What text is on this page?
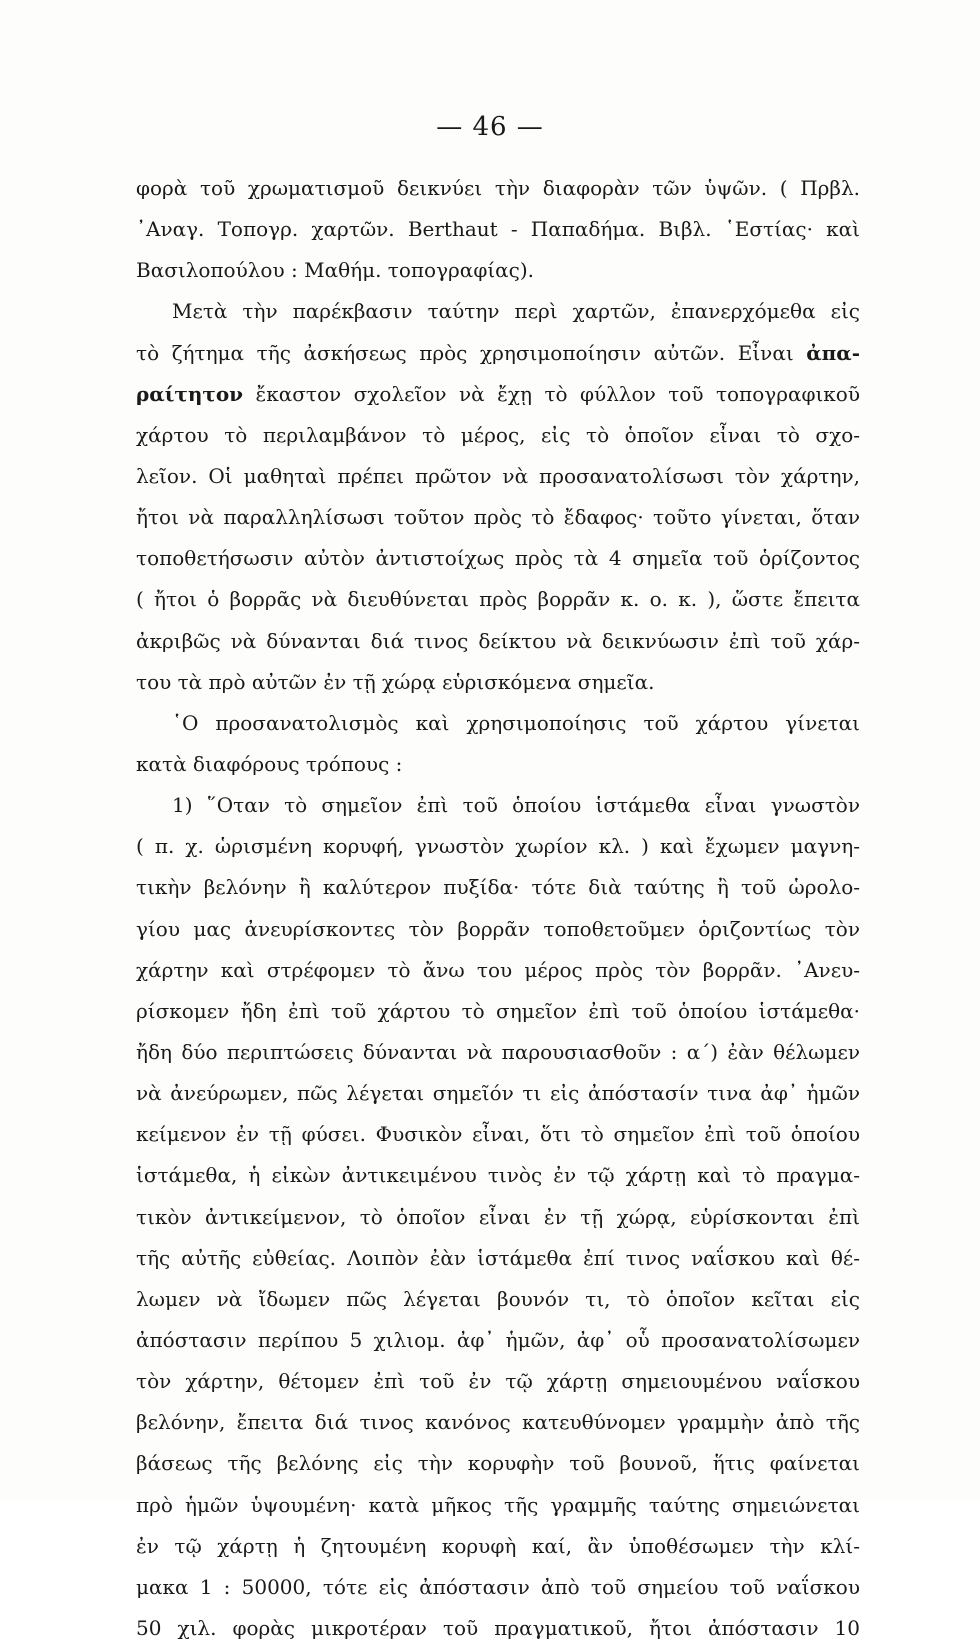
— 46 —
φορὰ τοῦ χρωματισμοῦ δεικνύει τὴν διαφορὰν τῶν ὑψῶν. ( Πρβλ.
᾿Αναγ. Τοπογρ. χαρτῶν. Berthaut - Παπαδήμα. Βιβλ. ῾Εστίας· καὶ
Βασιλοπούλου : Μαθήμ. τοπογραφίας).
Μετὰ τὴν παρέκβασιν ταύτην περὶ χαρτῶν, ἐπανερχόμεθα εἰς
τὸ ζήτημα τῆς ἀσκήσεως πρὸς χρησιμοποίησιν αὐτῶν. Εἶναι ἀπα-
ραίτητον ἔκαστον σχολεῖον νὰ ἔχῃ τὸ φύλλον τοῦ τοπογραφικοῦ
χάρτου τὸ περιλαμβάνον τὸ μέρος, εἰς τὸ ὁποῖον εἶναι τὸ σχο-
λεῖον. Οἱ μαθηταὶ πρέπει πρῶτον νὰ προσανατολίσωσι τὸν χάρτην,
ἤτοι νὰ παραλληλίσωσι τοῦτον πρὸς τὸ ἔδαφος· τοῦτο γίνεται, ὅταν
τοποθετήσωσιν αὐτὸν ἀντιστοίχως πρὸς τὰ 4 σημεῖα τοῦ ὁρίζοντος
( ἤτοι ὁ βορρᾶς νὰ διευθύνεται πρὸς βορρᾶν κ. ο. κ. ), ὥστε ἔπειτα
ἀκριβῶς νὰ δύνανται διά τινος δείκτου νὰ δεικνύωσιν ἐπὶ τοῦ χάρ-
του τὰ πρὸ αὐτῶν ἐν τῇ χώρᾳ εὑρισκόμενα σημεῖα.
῾Ο προσανατολισμὸς καὶ χρησιμοποίησις τοῦ χάρτου γίνεται
κατὰ διαφόρους τρόπους :
1) ῞Οταν τὸ σημεῖον ἐπὶ τοῦ ὁποίου ἱστάμεθα εἶναι γνωστὸν
( π. χ. ὡρισμένη κορυφή, γνωστὸν χωρίον κλ. ) καὶ ἔχωμεν μαγνη-
τικὴν βελόνην ἢ καλύτερον πυξίδα· τότε διὰ ταύτης ἢ τοῦ ὡρολο-
γίου μας ἀνευρίσκοντες τὸν βορρᾶν τοποθετοῦμεν ὁριζοντίως τὸν
χάρτην καὶ στρέφομεν τὸ ἄνω του μέρος πρὸς τὸν βορρᾶν. ᾿Ανευ-
ρίσκομεν ἤδη ἐπὶ τοῦ χάρτου τὸ σημεῖον ἐπὶ τοῦ ὁποίου ἱστάμεθα·
ἤδη δύο περιπτώσεις δύνανται νὰ παρουσιασθοῦν : α΄) ἐὰν θέλωμεν
νὰ ἀνεύρωμεν, πῶς λέγεται σημεῖόν τι εἰς ἀπόστασίν τινα ἀφ᾿ ἡμῶν
κείμενον ἐν τῇ φύσει. Φυσικὸν εἶναι, ὅτι τὸ σημεῖον ἐπὶ τοῦ ὁποίου
ἱστάμεθα, ἡ εἰκὼν ἀντικειμένου τινὸς ἐν τῷ χάρτῃ καὶ τὸ πραγμα-
τικὸν ἀντικείμενον, τὸ ὁποῖον εἶναι ἐν τῇ χώρᾳ, εὑρίσκονται ἐπὶ
τῆς αὐτῆς εὐθείας. Λοιπὸν ἐὰν ἱστάμεθα ἐπί τινος ναΐσκου καὶ θέ-
λωμεν νὰ ἴδωμεν πῶς λέγεται βουνόν τι, τὸ ὁποῖον κεῖται εἰς
ἀπόστασιν περίπου 5 χιλιομ. ἀφ᾿ ἡμῶν, ἀφ᾿ οὗ προσανατολίσωμεν
τὸν χάρτην, θέτομεν ἐπὶ τοῦ ἐν τῷ χάρτῃ σημειουμένου ναΐσκου
βελόνην, ἔπειτα διά τινος κανόνος κατευθύνομεν γραμμὴν ἀπὸ τῆς
βάσεως τῆς βελόνης εἰς τὴν κορυφὴν τοῦ βουνοῦ, ἥτις φαίνεται
πρὸ ἡμῶν ὑψουμένη· κατὰ μῆκος τῆς γραμμῆς ταύτης σημειώνεται
ἐν τῷ χάρτῃ ἡ ζητουμένη κορυφὴ καί, ἂν ὑποθέσωμεν τὴν κλί-
μακα 1 : 50000, τότε εἰς ἀπόστασιν ἀπὸ τοῦ σημείου τοῦ ναΐσκου
50 χιλ. φορὰς μικροτέραν τοῦ πραγματικοῦ, ἤτοι ἀπόστασιν 10
